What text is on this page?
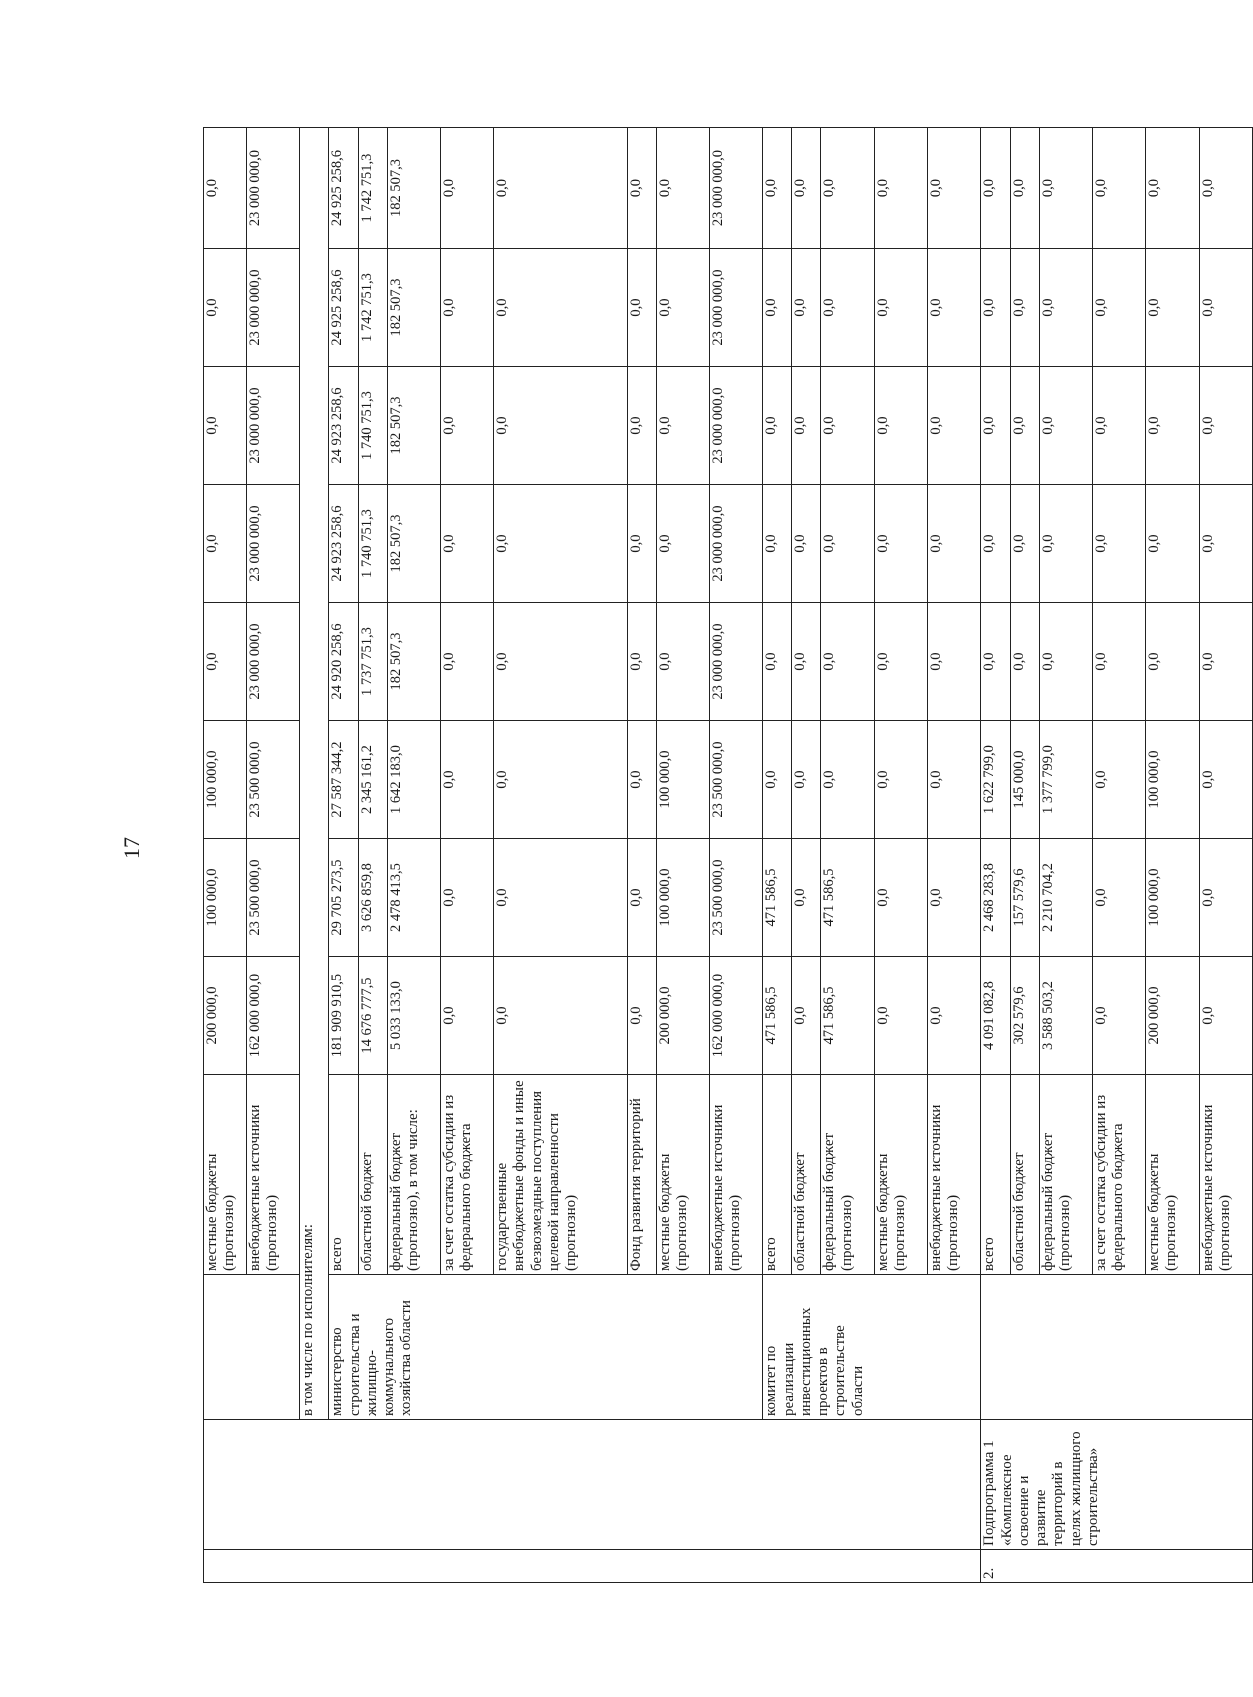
17
			местные бюджеты (прогнозно)	200 000,0	100 000,0	100 000,0	0,0	0,0	0,0	0,0	0,0
			внебюджетные источники (прогнозно)	162 000 000,0	23 500 000,0	23 500 000,0	23 000 000,0	23 000 000,0	23 000 000,0	23 000 000,0	23 000 000,0
		в том числе по исполнителям:									
		министерство строительства и жилищно-коммунального хозяйства области	всего	181 909 910,5	29 705 273,5	27 587 344,2	24 920 258,6	24 923 258,6	24 923 258,6	24 925 258,6	24 925 258,6
			областной бюджет	14 676 777,5	3 626 859,8	2 345 161,2	1 737 751,3	1 740 751,3	1 740 751,3	1 742 751,3	1 742 751,3
			федеральный бюджет (прогнозно), в том числе:	5 033 133,0	2 478 413,5	1 642 183,0	182 507,3	182 507,3	182 507,3	182 507,3	182 507,3
			за счет остатка субсидии из федерального бюджета	0,0	0,0	0,0	0,0	0,0	0,0	0,0	0,0
			государственные внебюджетные фонды и иные безвозмездные поступления целевой направленности (прогнозно)	0,0	0,0	0,0	0,0	0,0	0,0	0,0	0,0
			Фонд развития территорий	0,0	0,0	0,0	0,0	0,0	0,0	0,0	0,0
			местные бюджеты (прогнозно)	200 000,0	100 000,0	100 000,0	0,0	0,0	0,0	0,0	0,0
			внебюджетные источники (прогнозно)	162 000 000,0	23 500 000,0	23 500 000,0	23 000 000,0	23 000 000,0	23 000 000,0	23 000 000,0	23 000 000,0
		комитет по реализации инвестиционных проектов в строительстве области	всего	471 586,5	471 586,5	0,0	0,0	0,0	0,0	0,0	0,0
			областной бюджет	0,0	0,0	0,0	0,0	0,0	0,0	0,0	0,0
			федеральный бюджет (прогнозно)	471 586,5	471 586,5	0,0	0,0	0,0	0,0	0,0	0,0
			местные бюджеты (прогнозно)	0,0	0,0	0,0	0,0	0,0	0,0	0,0	0,0
			внебюджетные источники (прогнозно)	0,0	0,0	0,0	0,0	0,0	0,0	0,0	0,0
2.	Подпрограмма 1 «Комплексное освоение и развитие территорий в целях жилищного строительства»		всего	4 091 082,8	2 468 283,8	1 622 799,0	0,0	0,0	0,0	0,0	0,0
			областной бюджет	302 579,6	157 579,6	145 000,0	0,0	0,0	0,0	0,0	0,0
			федеральный бюджет (прогнозно)	3 588 503,2	2 210 704,2	1 377 799,0	0,0	0,0	0,0	0,0	0,0
			за счет остатка субсидии из федерального бюджета	0,0	0,0	0,0	0,0	0,0	0,0	0,0	0,0
			местные бюджеты (прогнозно)	200 000,0	100 000,0	100 000,0	0,0	0,0	0,0	0,0	0,0
			внебюджетные источники (прогнозно)	0,0	0,0	0,0	0,0	0,0	0,0	0,0	0,0
